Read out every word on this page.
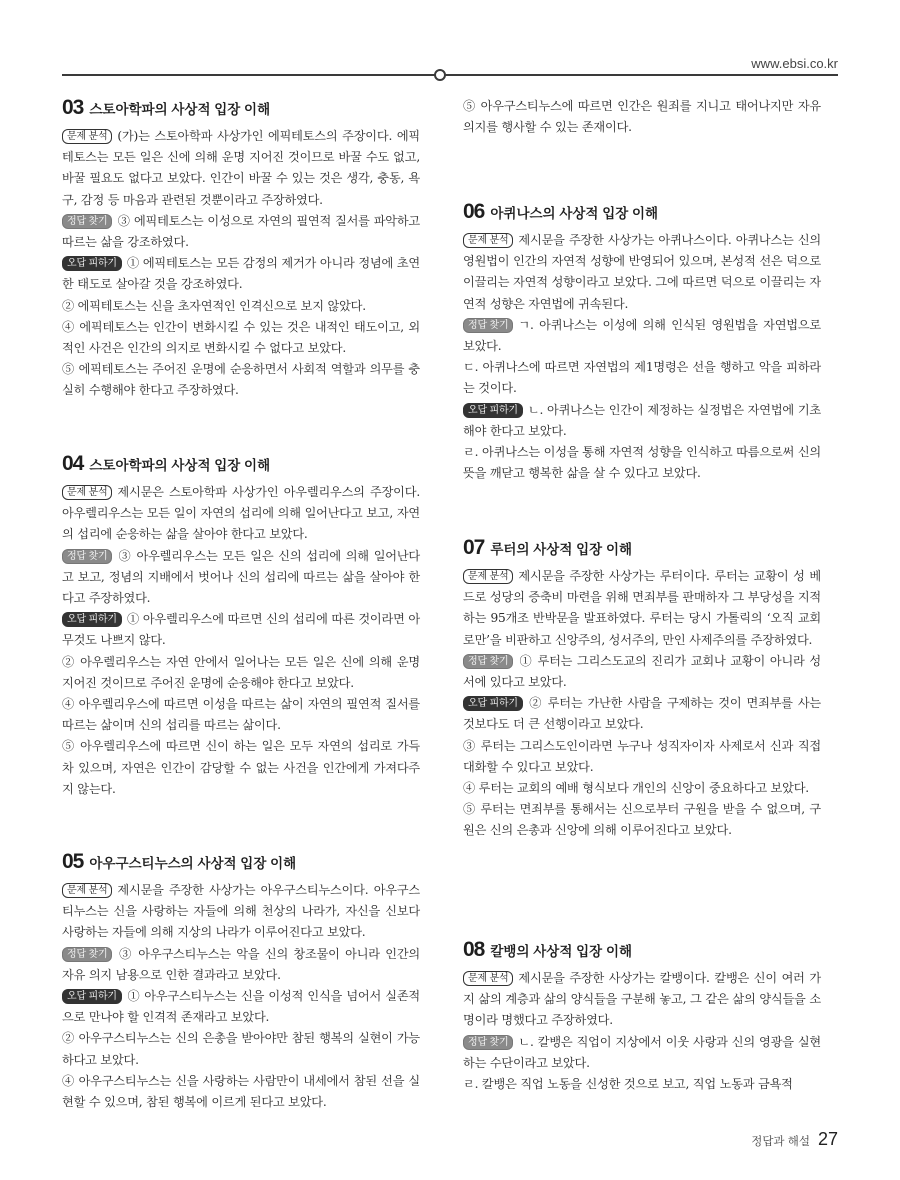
www.ebsi.co.kr
03 스토아학파의 사상적 입장 이해

문제 분석 (가)는 스토아학파 사상가인 에픽테토스의 주장이다. 에픽테토스는 모든 일은 신에 의해 운명 지어진 것이므로 바꿀 수도 없고, 바꿀 필요도 없다고 보았다. 인간이 바꿀 수 있는 것은 생각, 충동, 욕구, 감정 등 마음과 관련된 것뿐이라고 주장하였다.

정답 찾기 ③ 에픽테토스는 이성으로 자연의 필연적 질서를 파악하고 따르는 삶을 강조하였다.

오답 피하기 ① 에픽테토스는 모든 감정의 제거가 아니라 정념에 초연한 태도로 살아갈 것을 강조하였다.

② 에픽테토스는 신을 초자연적인 인격신으로 보지 않았다.

④ 에픽테토스는 인간이 변화시킬 수 있는 것은 내적인 태도이고, 외적인 사건은 인간의 의지로 변화시킬 수 없다고 보았다.

⑤ 에픽테토스는 주어진 운명에 순응하면서 사회적 역할과 의무를 충실히 수행해야 한다고 주장하였다.

04 스토아학파의 사상적 입장 이해

문제 분석 제시문은 스토아학파 사상가인 아우렐리우스의 주장이다. 아우렐리우스는 모든 일이 자연의 섭리에 의해 일어난다고 보고, 자연의 섭리에 순응하는 삶을 살아야 한다고 보았다.

정답 찾기 ③ 아우렐리우스는 모든 일은 신의 섭리에 의해 일어난다고 보고, 정념의 지배에서 벗어나 신의 섭리에 따르는 삶을 살아야 한다고 주장하였다.

오답 피하기 ① 아우렐리우스에 따르면 신의 섭리에 따른 것이라면 아무것도 나쁘지 않다.

② 아우렐리우스는 자연 안에서 일어나는 모든 일은 신에 의해 운명 지어진 것이므로 주어진 운명에 순응해야 한다고 보았다.

④ 아우렐리우스에 따르면 이성을 따르는 삶이 자연의 필연적 질서를 따르는 삶이며 신의 섭리를 따르는 삶이다.

⑤ 아우렐리우스에 따르면 신이 하는 일은 모두 자연의 섭리로 가득 차 있으며, 자연은 인간이 감당할 수 없는 사건을 인간에게 가져다주지 않는다.

05 아우구스티누스의 사상적 입장 이해

문제 분석 제시문을 주장한 사상가는 아우구스티누스이다. 아우구스티누스는 신을 사랑하는 자들에 의해 천상의 나라가, 자신을 신보다 사랑하는 자들에 의해 지상의 나라가 이루어진다고 보았다.

정답 찾기 ③ 아우구스티누스는 악을 신의 창조물이 아니라 인간의 자유 의지 남용으로 인한 결과라고 보았다.

오답 피하기 ① 아우구스티누스는 신을 이성적 인식을 넘어서 실존적으로 만나야 할 인격적 존재라고 보았다.

② 아우구스티누스는 신의 은총을 받아야만 참된 행복의 실현이 가능하다고 보았다.

④ 아우구스티누스는 신을 사랑하는 사람만이 내세에서 참된 선을 실현할 수 있으며, 참된 행복에 이르게 된다고 보았다.

⑤ 아우구스티누스에 따르면 인간은 원죄를 지니고 태어나지만 자유 의지를 행사할 수 있는 존재이다.

06 아퀴나스의 사상적 입장 이해

문제 분석 제시문을 주장한 사상가는 아퀴나스이다. 아퀴나스는 신의 영원법이 인간의 자연적 성향에 반영되어 있으며, 본성적 선은 덕으로 이끌리는 자연적 성향이라고 보았다. 그에 따르면 덕으로 이끌리는 자연적 성향은 자연법에 귀속된다.

정답 찾기 ㄱ. 아퀴나스는 이성에 의해 인식된 영원법을 자연법으로 보았다.

ㄷ. 아퀴나스에 따르면 자연법의 제1명령은 선을 행하고 악을 피하라는 것이다.

오답 피하기 ㄴ. 아퀴나스는 인간이 제정하는 실정법은 자연법에 기초해야 한다고 보았다.

ㄹ. 아퀴나스는 이성을 통해 자연적 성향을 인식하고 따름으로써 신의 뜻을 깨닫고 행복한 삶을 살 수 있다고 보았다.

07 루터의 사상적 입장 이해

문제 분석 제시문을 주장한 사상가는 루터이다. 루터는 교황이 성 베드로 성당의 증축비 마련을 위해 면죄부를 판매하자 그 부당성을 지적하는 95개조 반박문을 발표하였다. 루터는 당시 가톨릭의 ‘오직 교회로만’을 비판하고 신앙주의, 성서주의, 만인 사제주의를 주장하였다.

정답 찾기 ① 루터는 그리스도교의 진리가 교회나 교황이 아니라 성서에 있다고 보았다.

오답 피하기 ② 루터는 가난한 사람을 구제하는 것이 면죄부를 사는 것보다도 더 큰 선행이라고 보았다.

③ 루터는 그리스도인이라면 누구나 성직자이자 사제로서 신과 직접 대화할 수 있다고 보았다.

④ 루터는 교회의 예배 형식보다 개인의 신앙이 중요하다고 보았다.

⑤ 루터는 면죄부를 통해서는 신으로부터 구원을 받을 수 없으며, 구원은 신의 은총과 신앙에 의해 이루어진다고 보았다.

08 칼뱅의 사상적 입장 이해

문제 분석 제시문을 주장한 사상가는 칼뱅이다. 칼뱅은 신이 여러 가지 삶의 계층과 삶의 양식들을 구분해 놓고, 그 같은 삶의 양식들을 소명이라 명했다고 주장하였다.

정답 찾기 ㄴ. 칼뱅은 직업이 지상에서 이웃 사랑과 신의 영광을 실현하는 수단이라고 보았다.

ㄹ. 칼뱅은 직업 노동을 신성한 것으로 보고, 직업 노동과 금욕적

정답과 해설 27
